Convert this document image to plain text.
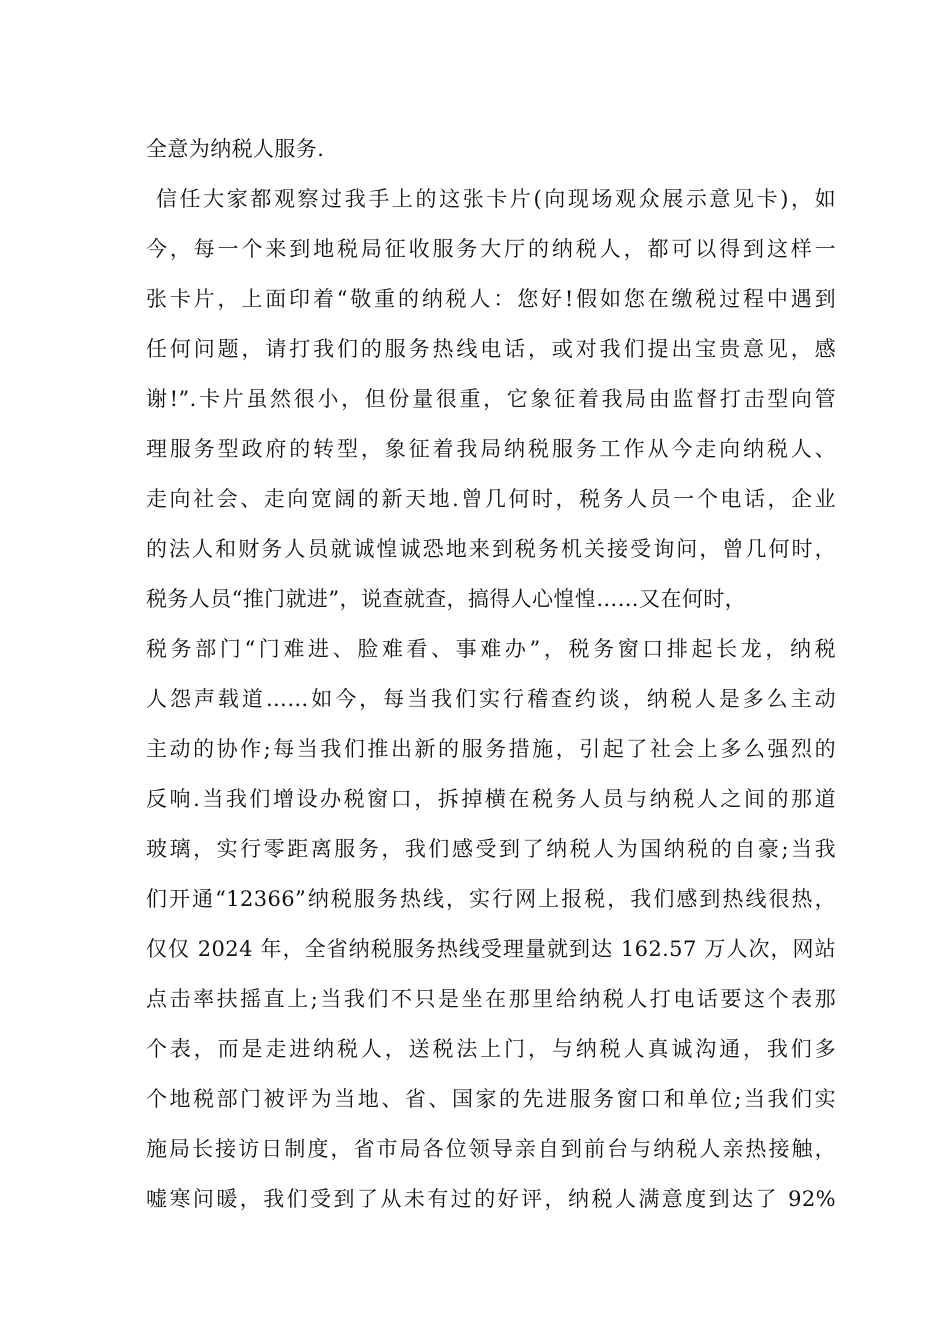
全意为纳税人服务.
信任大家都观察过我手上的这张卡片(向现场观众展示意见卡)，如
今，每一个来到地税局征收服务大厅的纳税人，都可以得到这样一
张卡片，上面印着“敬重的纳税人：您好!假如您在缴税过程中遇到
任何问题，请打我们的服务热线电话，或对我们提出宝贵意见，感
谢!”.卡片虽然很小，但份量很重，它象征着我局由监督打击型向管
理服务型政府的转型，象征着我局纳税服务工作从今走向纳税人、
走向社会、走向宽阔的新天地.曾几何时，税务人员一个电话，企业
的法人和财务人员就诚惶诚恐地来到税务机关接受询问，曾几何时，
税务人员“推门就进”，说查就查，搞得人心惶惶……又在何时，
税务部门“门难进、脸难看、事难办”，税务窗口排起长龙，纳税
人怨声载道……如今，每当我们实行稽查约谈，纳税人是多么主动
主动的协作;每当我们推出新的服务措施，引起了社会上多么强烈的
反响.当我们增设办税窗口，拆掉横在税务人员与纳税人之间的那道
玻璃，实行零距离服务，我们感受到了纳税人为国纳税的自豪;当我
们开通“12366”纳税服务热线，实行网上报税，我们感到热线很热，
仅仅 2024 年，全省纳税服务热线受理量就到达 162.57 万人次，网站
点击率扶摇直上;当我们不只是坐在那里给纳税人打电话要这个表那
个表，而是走进纳税人，送税法上门，与纳税人真诚沟通，我们多
个地税部门被评为当地、省、国家的先进服务窗口和单位;当我们实
施局长接访日制度，省市局各位领导亲自到前台与纳税人亲热接触，
嘘寒问暖，我们受到了从未有过的好评，纳税人满意度到达了 92%
